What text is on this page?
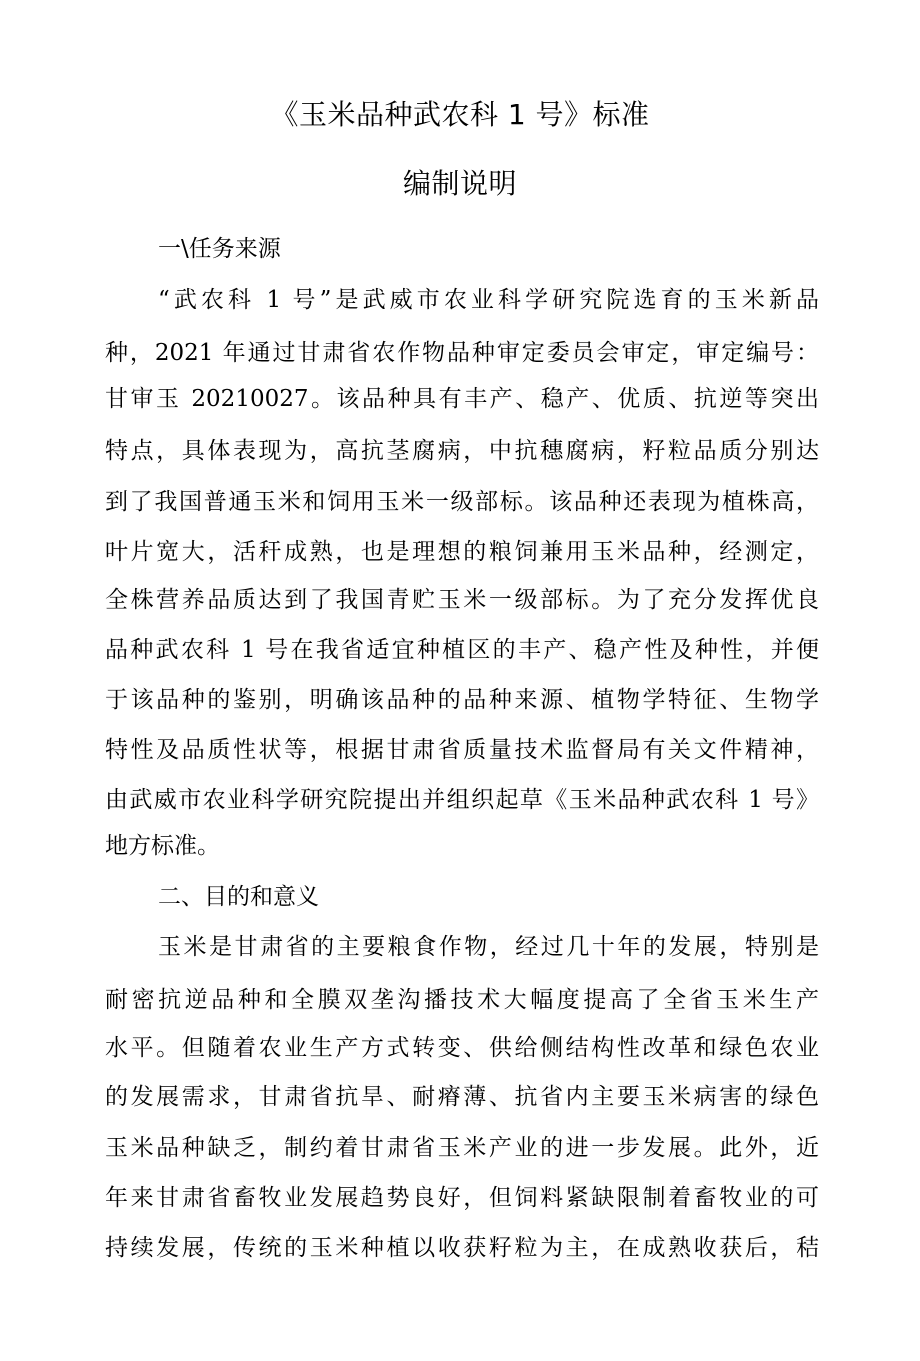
《玉米品种武农科 1 号》标准
编制说明
一\任务来源
“武农科 1 号”是武威市农业科学研究院选育的玉米新品
种，2021 年通过甘肃省农作物品种审定委员会审定，审定编号：
甘审玉 20210027。该品种具有丰产、稳产、优质、抗逆等突出
特点，具体表现为，高抗茎腐病，中抗穗腐病，籽粒品质分别达
到了我国普通玉米和饲用玉米一级部标。该品种还表现为植株高，
叶片宽大，活秆成熟，也是理想的粮饲兼用玉米品种，经测定，
全株营养品质达到了我国青贮玉米一级部标。为了充分发挥优良
品种武农科 1 号在我省适宜种植区的丰产、稳产性及种性，并便
于该品种的鉴别，明确该品种的品种来源、植物学特征、生物学
特性及品质性状等，根据甘肃省质量技术监督局有关文件精神，
由武威市农业科学研究院提出并组织起草《玉米品种武农科 1 号》
地方标准。
二、目的和意义
玉米是甘肃省的主要粮食作物，经过几十年的发展，特别是
耐密抗逆品种和全膜双垄沟播技术大幅度提高了全省玉米生产
水平。但随着农业生产方式转变、供给侧结构性改革和绿色农业
的发展需求，甘肃省抗旱、耐瘠薄、抗省内主要玉米病害的绿色
玉米品种缺乏，制约着甘肃省玉米产业的进一步发展。此外，近
年来甘肃省畜牧业发展趋势良好，但饲料紧缺限制着畜牧业的可
持续发展，传统的玉米种植以收获籽粒为主，在成熟收获后，秸
